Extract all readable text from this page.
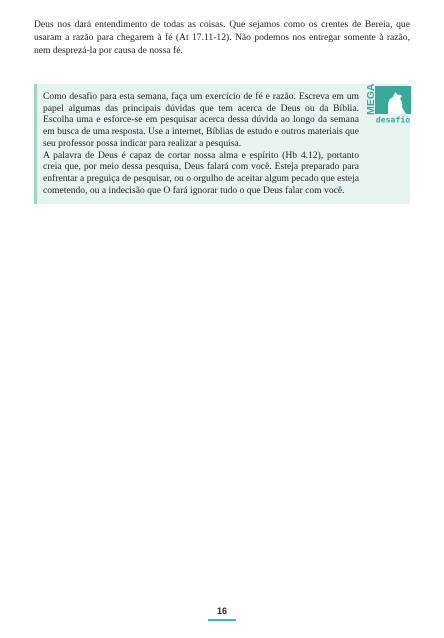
Deus nos dará entendimento de todas as coisas. Que sejamos como os crentes de Bereia, que usaram a razão para chegarem à fé (At 17.11-12). Não podemos nos entregar somente à razão, nem desprezá-la por causa de nossa fé.

Como desafio para esta semana, faça um exercício de fé e razão. Escreva em um papel algumas das principais dúvidas que tem acerca de Deus ou da Bíblia. Escolha uma e esforce-se em pesquisar acerca dessa dúvida ao longo da semana em busca de uma resposta. Use a internet, Bíblias de estudo e outros materiais que seu professor possa indicar para realizar a pesquisa.

A palavra de Deus é capaz de cortar nossa alma e espírito (Hb 4.12), portanto creia que, por meio dessa pesquisa, Deus falará com você. Esteja preparado para enfrentar a preguiça de pesquisar, ou o orgulho de aceitar algum pecado que esteja cometendo, ou a indecisão que O fará ignorar tudo o que Deus falar com você.

MEGA
desafio
16
